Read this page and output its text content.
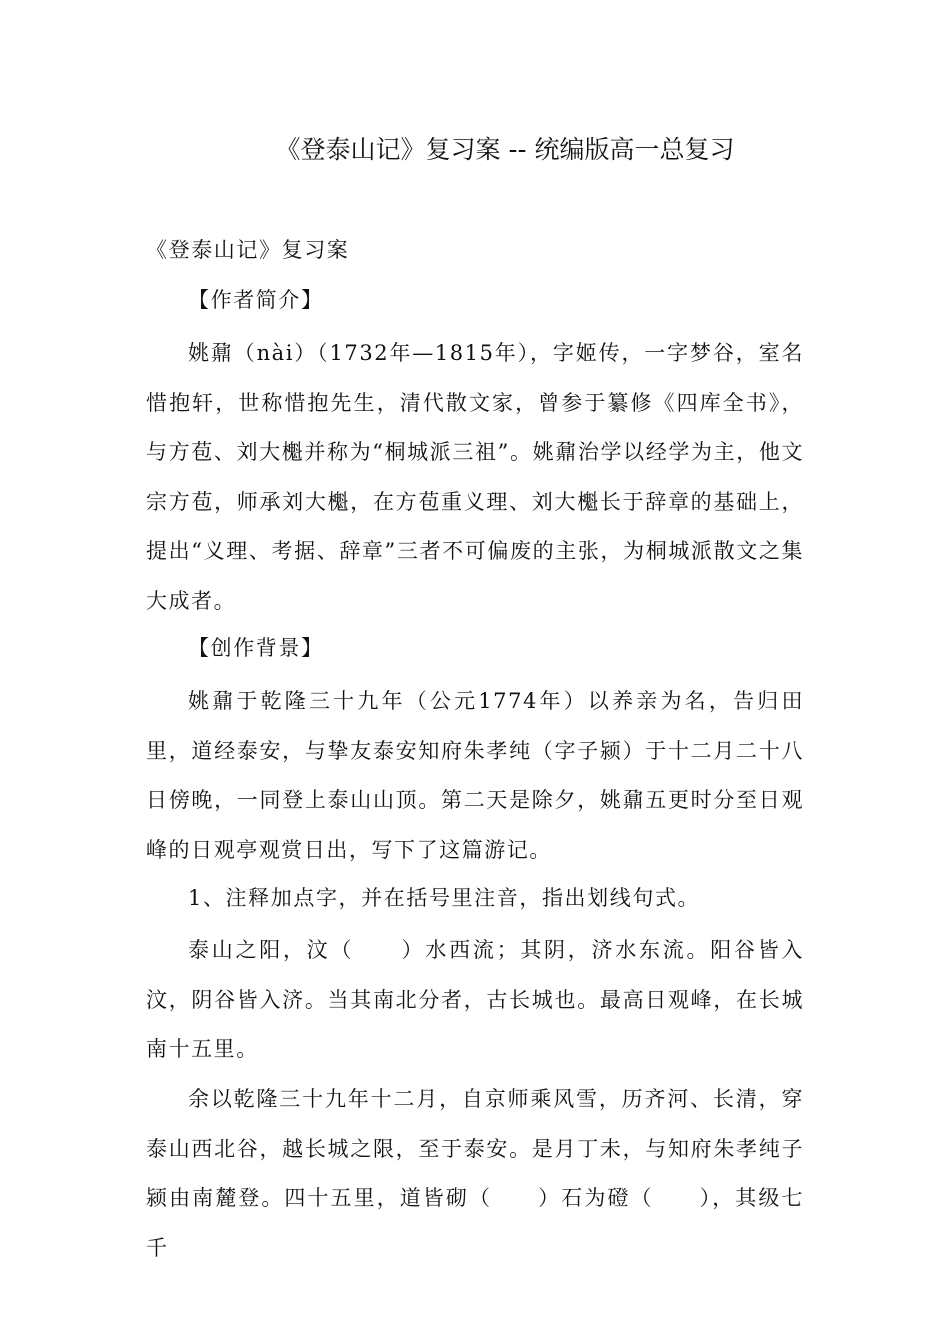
《登泰山记》复习案 -- 统编版高一总复习
《登泰山记》复习案
【作者简介】
姚鼐（nài）（1732年—1815年），字姬传，一字梦谷，室名惜抱轩，世称惜抱先生，清代散文家，曾参于纂修《四库全书》，与方苞、刘大櫆并称为“桐城派三祖”。姚鼐治学以经学为主，他文宗方苞，师承刘大櫆，在方苞重义理、刘大櫆长于辞章的基础上，提出“义理、考据、辞章”三者不可偏废的主张，为桐城派散文之集大成者。
【创作背景】
姚鼐于乾隆三十九年（公元1774年）以养亲为名，告归田里，道经泰安，与挚友泰安知府朱孝纯（字子颍）于十二月二十八日傍晚，一同登上泰山山顶。第二天是除夕，姚鼐五更时分至日观峰的日观亭观赏日出，写下了这篇游记。
1、注释加点字，并在括号里注音，指出划线句式。
泰山之阳，汶（　　）水西流；其阴，济水东流。阳谷皆入汶，阴谷皆入济。当其南北分者，古长城也。最高日观峰，在长城南十五里。
余以乾隆三十九年十二月，自京师乘风雪，历齐河、长清，穿泰山西北谷，越长城之限，至于泰安。是月丁未，与知府朱孝纯子颍由南麓登。四十五里，道皆砌（　　）石为磴（　　），其级七千
